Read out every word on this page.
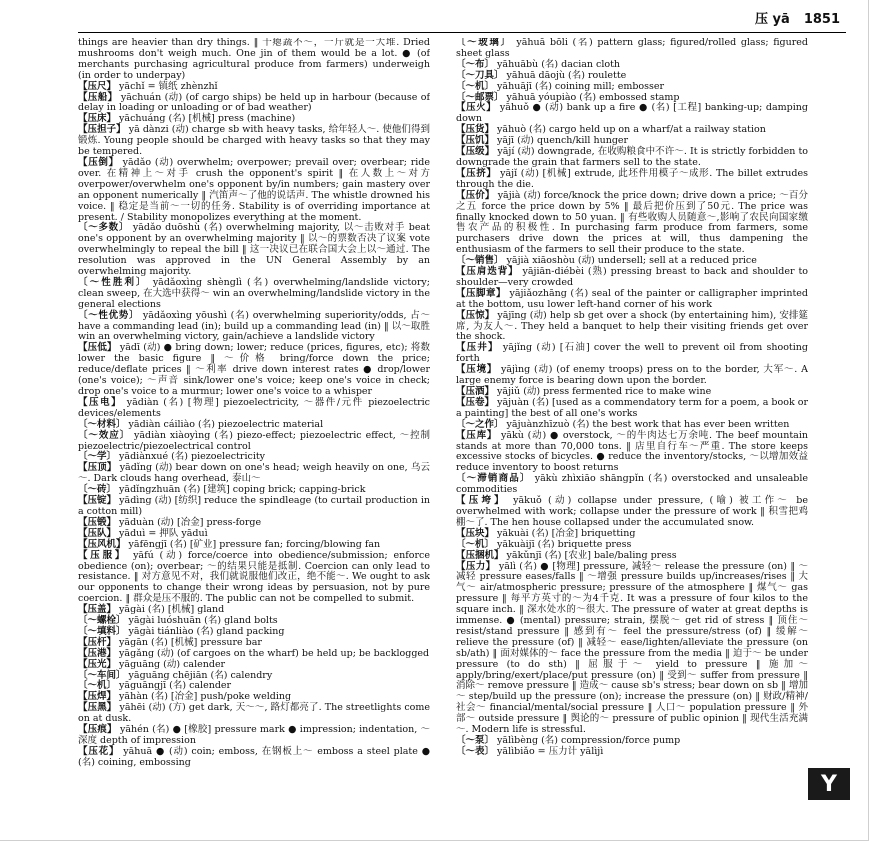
压 yā 1851
things are heavier than dry things. ‖ 干瘪蔬不～，一斤就是一大堆. Dried mushrooms don't weigh much. One jin of them would be a lot. ● (of merchants purchasing agricultural produce from farmers) underweigh (in order to underpay)
【压尺】 yāchǐ = 镇纸 zhènzhǐ
【压船】 yāchuán (动) (of cargo ships) be held up in harbour (because of delay in loading or unloading or of bad weather)
【压床】 yāchuáng (名) [机械] press (machine)
【压担子】 yā dànzi (动) charge sb with heavy tasks, 给年轻人～. 使他们得到锻炼. Young people should be charged with heavy tasks so that they may be tempered.
【压倒】 yādǎo (动) overwhelm; overpower; prevail over; overbear; ride over. 在精神上～对手 crush the opponent's spirit ‖ 在人数上～对方 overpower/overwhelm one's opponent by/in numbers; gain mastery over an opponent numerically ‖ 汽笛声～了他的说话声. The whistle drowned his voice. ‖ 稳定是当前～一切的任务. Stability is of overriding importance at present. / Stability monopolizes everything at the moment.
〔～多数〕 yādǎo duōshù (名) overwhelming majority, 以～击败对手 beat one's opponent by an overwhelming majority ‖ 以～的票数否决了议案 vote overwhelmingly to repeal the bill ‖ 这一决议已在联合国大会上以～通过. The resolution was approved in the UN General Assembly by an overwhelming majority.
〔～性胜利〕 yādǎoxìng shènglì (名) overwhelming/landslide victory; clean sweep, 在大选中获得～ win an overwhelming/landslide victory in the general elections
〔～性优势〕 yādǎoxìng yōushì (名) overwhelming superiority/odds, 占～ have a commanding lead (in); build up a commanding lead (in) ‖ 以～取胜 win an overwhelming victory, gain/achieve a landslide victory
【压低】 yādī (动) ● bring down; lower; reduce (prices, figures, etc); 将数 lower the basic figure ‖ ～价格 bring/force down the price; reduce/deflate prices ‖ ～利率 drive down interest rates ● drop/lower (one's voice); ～声音 sink/lower one's voice; keep one's voice in check; drop one's voice to a murmur; lower one's voice to a whisper
【压电】 yādiàn (名) [物理] piezoelectricity, ～器件/元件 piezoelectric devices/elements
〔～材料〕 yādiàn cáiliào (名) piezoelectric material
〔～效应〕 yādiàn xiàoyìng (名) piezo-effect; piezoelectric effect, ～控制 piezoelectric/piezoelectrical control
〔～学〕 yādiànxué (名) piezoelectricity
【压顶】 yādǐng (动) bear down on one's head; weigh heavily on one, 乌云～. Dark clouds hang overhead, 泰山～
〔～砖〕 yādǐngzhuān (名) [建筑] coping brick; capping-brick
【压锭】 yādìng (动) [纺织] reduce the spindleage (to curtail production in a cotton mill)
【压锻】 yāduàn (动) [冶金] press-forge
【压队】 yāduì = 押队 yāduì
【压风机】 yāfēngjī (名) [矿业] pressure fan; forcing/blowing fan
【压服】 yāfú (动) force/coerce into obedience/submission; enforce obedience (on); overbear; ～的结果只能是抵制. Coercion can only lead to resistance. ‖ 对方意见不对，我们就说服他们改正，绝不能～. We ought to ask our opponents to change their wrong ideas by persuasion, not by pure coercion. ‖ 群众是压不服的. The public can not be compelled to submit.
【压盖】 yāgài (名) [机械] gland
〔～螺栓〕 yāgài luóshuān (名) gland bolts
〔～填料〕 yāgài tiánliào (名) gland packing
【压杆】 yāgān (名) [机械] pressure bar
【压港】 yāgǎng (动) (of cargoes on the wharf) be held up; be backlogged
【压光】 yāguāng (动) calender
〔～车间〕 yāguāng chējiān (名) calendry
〔～机〕 yāguāngjī (名) calender
【压焊】 yāhàn (名) [冶金] push/poke welding
【压黑】 yāhēi (动) (方) get dark, 天～～, 路灯都亮了. The streetlights come on at dusk.
【压痕】 yāhén (名) ● [橡胶] pressure mark ● impression; indentation, ～深度 depth of impression
【压花】 yāhuā ● (动) coin; emboss, 在钢板上～ emboss a steel plate ● (名) coining, embossing
〔～玻璃〕 yāhuā bōli (名) pattern glass; figured/rolled glass; figured sheet glass
〔～布〕 yāhuābù (名) dacian cloth
〔～刀具〕 yāhuā dāojù (名) roulette
〔～机〕 yāhuājī (名) coining mill; embosser
〔～邮票〕 yāhuā yóupiào (名) embossed stamp
【压火】 yāhuǒ ● (动) bank up a fire ● (名) [工程] banking-up; damping down
【压货】 yāhuò (名) cargo held up on a wharf/at a railway station
【压饥】 yājī (动) quench/kill hunger
【压级】 yājí (动) downgrade, 在收购粮食中不许～. It is strictly forbidden to downgrade the grain that farmers sell to the state.
【压挤】 yājǐ (动) [机械] extrude, 此坯件用模子～成形. The billet extrudes through the die.
【压价】 yājià (动) force/knock the price down; drive down a price; ～百分之五 force the price down by 5% ‖ 最后把价压到了50元. The price was finally knocked down to 50 yuan. ‖ 有些收购人员随意～,影响了农民向国家缴售农产品的积极性. In purchasing farm produce from farmers, some purchasers drive down the prices at will, thus dampening the enthusiasm of the farmers to sell their produce to the state.
〔～销售〕 yājià xiāoshòu (动) undersell; sell at a reduced price
【压肩迭背】 yājiān-diébèi (熟) pressing breast to back and shoulder to shoulder—very crowded
【压脚章】 yājiǎozhāng (名) seal of the painter or calligrapher imprinted at the bottom, usu lower left-hand corner of his work
【压惊】 yājīng (动) help sb get over a shock (by entertaining him), 安排筵席, 为友人～. They held a banquet to help their visiting friends get over the shock.
【压井】 yājǐng (动) [石油] cover the well to prevent oil from shooting forth
【压境】 yājìng (动) (of enemy troops) press on to the border, 大军～. A large enemy force is bearing down upon the border.
【压酒】 yājiǔ (动) press fermented rice to make wine
【压卷】 yājuàn (名) [used as a commendatory term for a poem, a book or a painting] the best of all one's works
〔～之作〕 yājuànzhīzuò (名) the best work that has ever been written
【压库】 yākù (动) ● overstock, ～的牛肉达七万余吨. The beef mountain stands at more than 70,000 tons. ‖ 店里自行车～严重. The store keeps excessive stocks of bicycles. ● reduce the inventory/stocks, ～以增加效益 reduce inventory to boost returns
〔～滞销商品〕 yākù zhìxiāo shāngpǐn (名) overstocked and unsaleable commodities
【压垮】 yākuǒ (动) collapse under pressure, (喻) 被工作～ be overwhelmed with work; collapse under the pressure of work ‖ 积雪把鸡棚～了. The hen house collapsed under the accumulated snow.
【压块】 yākuài (名) [冶金] briquetting
〔～机〕 yākuàijī (名) briquette press
【压捆机】 yākǔnjī (名) [农业] bale/baling press
【压力】 yālì (名) ● [物理] pressure, 减轻～ release the pressure (on) ‖ ～减轻 pressure eases/falls ‖ ～增强 pressure builds up/increases/rises ‖ 大气～ air/atmospheric pressure; pressure of the atmosphere ‖ 煤气～ gas pressure ‖ 每平方英寸的～为4千克. It was a pressure of four kilos to the square inch. ‖ 深水处水的～很大. The pressure of water at great depths is immense. ● (mental) pressure; strain, 摆脱～ get rid of stress ‖ 顶住～ resist/stand pressure ‖ 感到有～ feel the pressure/stress (of) ‖ 缓解～ relieve the pressure (of) ‖ 减轻～ ease/lighten/alleviate the pressure (on sb/ath) ‖ 面对媒体的～ face the pressure from the media ‖ 迫于～ be under pressure (to do sth) ‖ 屈服于～ yield to pressure ‖ 施加～ apply/bring/exert/place/put pressure (on) ‖ 受到～ suffer from pressure ‖ 消除～ remove pressure ‖ 造成～ cause sb's stress; bear down on sb ‖ 增加～ step/build up the pressure (on); increase the pressure (on) ‖ 财政/精神/社会～ financial/mental/social pressure ‖ 人口～ population pressure ‖ 外部～ outside pressure ‖ 舆论的～ pressure of public opinion ‖ 现代生活充满～. Modern life is stressful.
〔～泵〕 yālìbèng (名) compression/force pump
〔～表〕 yālìbiǎo = 压力计 yālìjì
Y
